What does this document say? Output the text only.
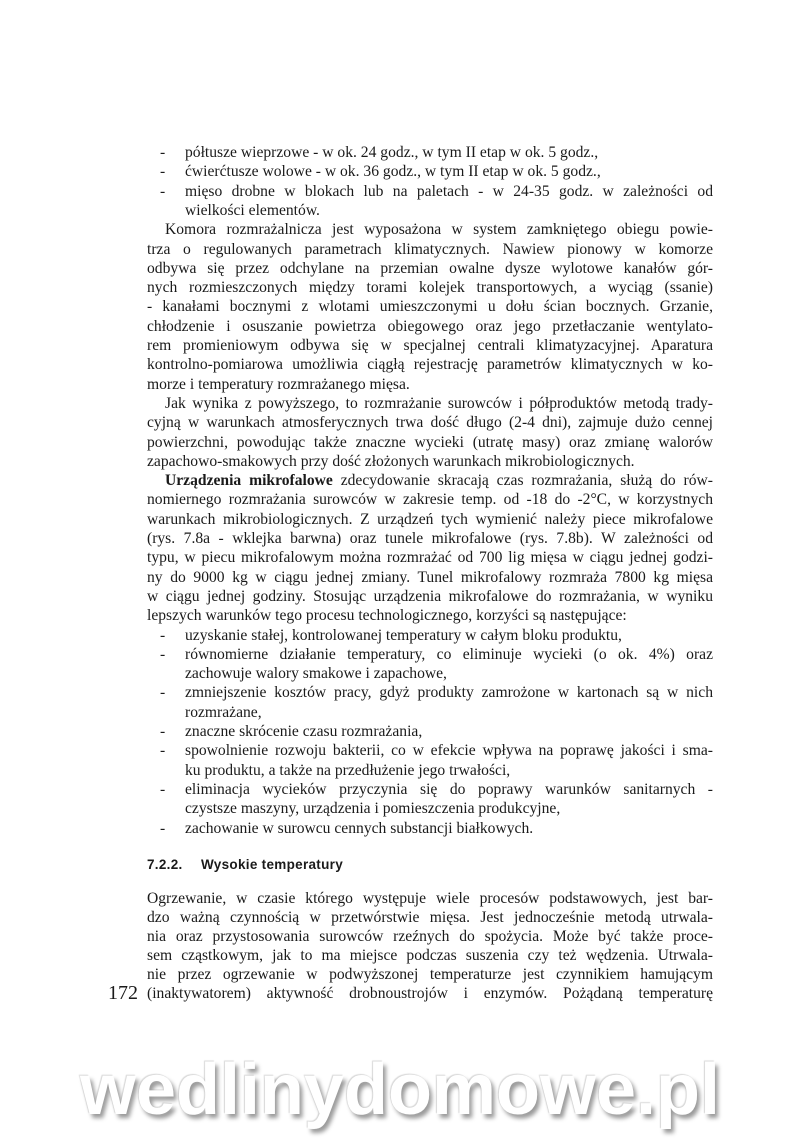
- półtusze wieprzowe - w ok. 24 godz., w tym II etap w ok. 5 godz.,
- ćwierćtusze wolowe - w ok. 36 godz., w tym II etap w ok. 5 godz.,
- mięso drobne w blokach lub na paletach - w 24-35 godz. w zależności od
wielkości elementów.
Komora rozmrażalnicza jest wyposażona w system zamkniętego obiegu powie-
trza o regulowanych parametrach klimatycznych. Nawiew pionowy w komorze
odbywa się przez odchylane na przemian owalne dysze wylotowe kanałów gór-
nych rozmieszczonych między torami kolejek transportowych, a wyciąg (ssanie)
- kanałami bocznymi z wlotami umieszczonymi u dołu ścian bocznych. Grzanie,
chłodzenie i osuszanie powietrza obiegowego oraz jego przetłaczanie wentylato-
rem promieniowym odbywa się w specjalnej centrali klimatyzacyjnej. Aparatura
kontrolno-pomiarowa umożliwia ciągłą rejestrację parametrów klimatycznych w ko-
morze i temperatury rozmrażanego mięsa.
Jak wynika z powyższego, to rozmrażanie surowców i półproduktów metodą trady-
cyjną w warunkach atmosferycznych trwa dość długo (2-4 dni), zajmuje dużo cennej
powierzchni, powodując także znaczne wycieki (utratę masy) oraz zmianę walorów
zapachowo-smakowych przy dość złożonych warunkach mikrobiologicznych.
Urządzenia mikrofalowe zdecydowanie skracają czas rozmrażania, służą do rów-
nomiernego rozmrażania surowców w zakresie temp. od -18 do -2°C, w korzystnych
warunkach mikrobiologicznych. Z urządzeń tych wymienić należy piece mikrofalowe
(rys. 7.8a - wklejka barwna) oraz tunele mikrofalowe (rys. 7.8b). W zależności od
typu, w piecu mikrofalowym można rozmrażać od 700 lig mięsa w ciągu jednej godzi-
ny do 9000 kg w ciągu jednej zmiany. Tunel mikrofalowy rozmraża 7800 kg mięsa
w ciągu jednej godziny. Stosując urządzenia mikrofalowe do rozmrażania, w wyniku
lepszych warunków tego procesu technologicznego, korzyści są następujące:
- uzyskanie stałej, kontrolowanej temperatury w całym bloku produktu,
- równomierne działanie temperatury, co eliminuje wycieki (o ok. 4%) oraz
zachowuje walory smakowe i zapachowe,
- zmniejszenie kosztów pracy, gdyż produkty zamrożone w kartonach są w nich
rozmrażane,
- znaczne skrócenie czasu rozmrażania,
- spowolnienie rozwoju bakterii, co w efekcie wpływa na poprawę jakości i sma-
ku produktu, a także na przedłużenie jego trwałości,
- eliminacja wycieków przyczynia się do poprawy warunków sanitarnych -
czystsze maszyny, urządzenia i pomieszczenia produkcyjne,
- zachowanie w surowcu cennych substancji białkowych.
Ogrzewanie, w czasie którego występuje wiele procesów podstawowych, jest bar-
dzo ważną czynnością w przetwórstwie mięsa. Jest jednocześnie metodą utrwala-
nia oraz przystosowania surowców rzeźnych do spożycia. Może być także proce-
sem cząstkowym, jak to ma miejsce podczas suszenia czy też wędzenia. Utrwala-
nie przez ogrzewanie w podwyższonej temperaturze jest czynnikiem hamującym
(inaktywatorem) aktywność drobnoustrojów i enzymów. Pożądaną temperaturę
7.2.2. Wysokie temperatury
172
wedlinydomowe.pl
